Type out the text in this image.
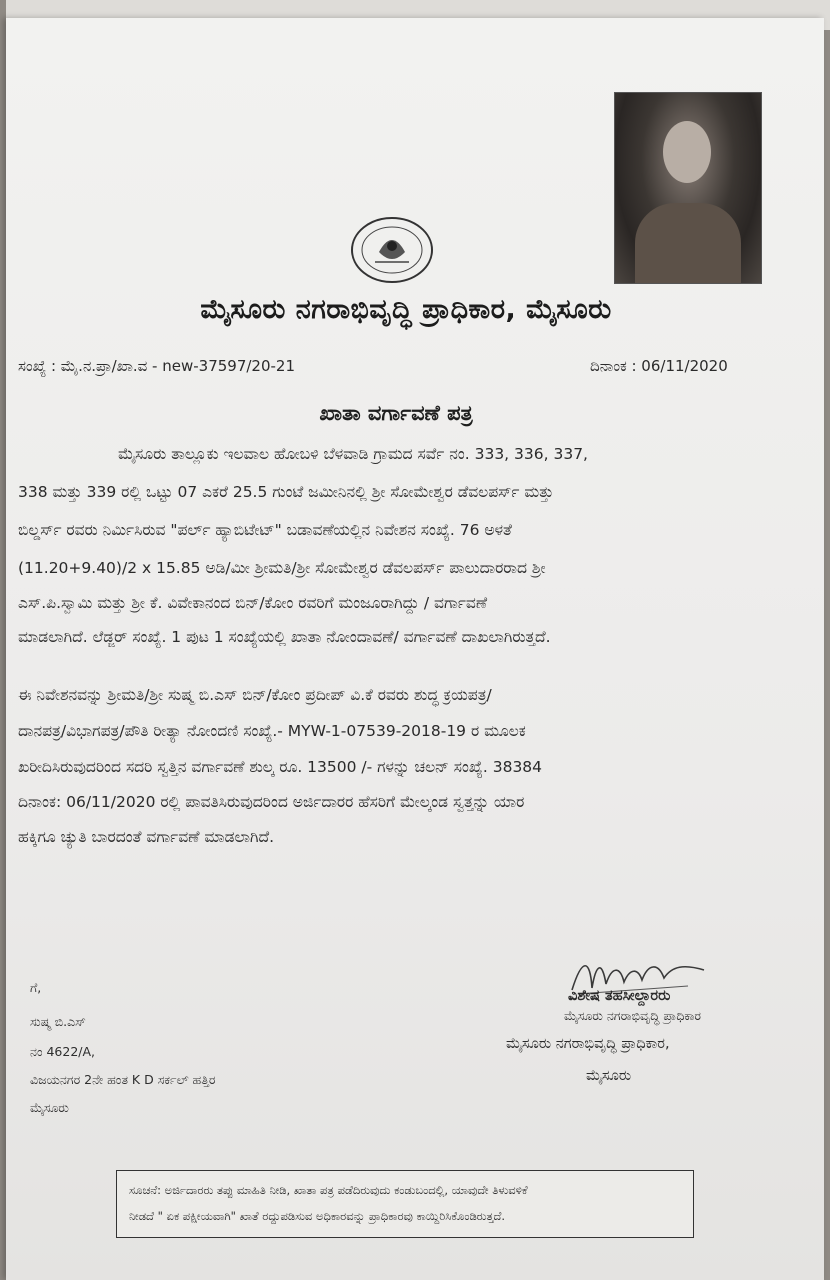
ಮೈಸೂರು ನಗರಾಭಿವೃದ್ಧಿ ಪ್ರಾಧಿಕಾರ, ಮೈಸೂರು
ಸಂಖ್ಯೆ : ಮೈ.ನ.ಪ್ರಾ/ಖಾ.ವ - new-37597/20-21	ದಿನಾಂಕ : 06/11/2020
ಖಾತಾ ವರ್ಗಾವಣೆ ಪತ್ರ
ಮೈಸೂರು ತಾಲ್ಲೂಕು ಇಲವಾಲ ಹೋಬಳಿ ಬೆಳವಾಡಿ ಗ್ರಾಮದ ಸರ್ವೆ ನಂ. 333, 336, 337,
338 ಮತ್ತು 339 ರಲ್ಲಿ ಒಟ್ಟು 07 ಎಕರೆ 25.5 ಗುಂಟೆ ಜಮೀನಿನಲ್ಲಿ ಶ್ರೀ ಸೋಮೇಶ್ವರ ಡೆವಲಪರ್ಸ್ ಮತ್ತು
ಬಿಲ್ಡರ್ಸ್ ರವರು ನಿರ್ಮಿಸಿರುವ "ಪರ್ಲ್ ಹ್ಯಾಬಿಟೇಟ್" ಬಡಾವಣೆಯಲ್ಲಿನ ನಿವೇಶನ ಸಂಖ್ಯೆ. 76 ಅಳತೆ
(11.20+9.40)/2 x 15.85 ಅಡಿ/ಮೀ ಶ್ರೀಮತಿ/ಶ್ರೀ ಸೋಮೇಶ್ವರ ಡೆವಲಪರ್ಸ್ ಪಾಲುದಾರರಾದ ಶ್ರೀ
ಎಸ್.ಪಿ.ಸ್ವಾಮಿ ಮತ್ತು ಶ್ರೀ ಕೆ. ವಿವೇಕಾನಂದ ಬಿನ್/ಕೋಂ ರವರಿಗೆ ಮಂಜೂರಾಗಿದ್ದು / ವರ್ಗಾವಣೆ
ಮಾಡಲಾಗಿದೆ. ಲೆಡ್ಜರ್ ಸಂಖ್ಯೆ. 1 ಪುಟ 1 ಸಂಖ್ಯೆಯಲ್ಲಿ ಖಾತಾ ನೋಂದಾವಣೆ/ ವರ್ಗಾವಣೆ ದಾಖಲಾಗಿರುತ್ತದೆ.
ಈ ನಿವೇಶನವನ್ನು ಶ್ರೀಮತಿ/ಶ್ರೀ ಸುಷ್ಮ ಬಿ.ಎಸ್ ಬಿನ್/ಕೋಂ ಪ್ರದೀಪ್ ವಿ.ಕೆ ರವರು ಶುದ್ಧ ಕ್ರಯಪತ್ರ/
ದಾನಪತ್ರ/ವಿಭಾಗಪತ್ರ/ಪೌತಿ ರೀತ್ಯಾ ನೋಂದಣಿ ಸಂಖ್ಯೆ.- MYW-1-07539-2018-19 ರ ಮೂಲಕ
ಖರೀದಿಸಿರುವುದರಿಂದ ಸದರಿ ಸ್ವತ್ತಿನ ವರ್ಗಾವಣೆ ಶುಲ್ಕ ರೂ. 13500 /- ಗಳನ್ನು ಚಲನ್ ಸಂಖ್ಯೆ. 38384
ದಿನಾಂಕ: 06/11/2020 ರಲ್ಲಿ ಪಾವತಿಸಿರುವುದರಿಂದ ಅರ್ಜಿದಾರರ ಹೆಸರಿಗೆ ಮೇಲ್ಕಂಡ ಸ್ವತ್ತನ್ನು ಯಾರ
ಹಕ್ಕಿಗೂ ಚ್ಯುತಿ ಬಾರದಂತೆ ವರ್ಗಾವಣೆ ಮಾಡಲಾಗಿದೆ.
ವಿಶೇಷ ತಹಸೀಲ್ದಾರರು
ಮೈಸೂರು ನಗರಾಭಿವೃದ್ಧಿ ಪ್ರಾಧಿಕಾರ
ಮೈಸೂರು ನಗರಾಭಿವೃದ್ಧಿ ಪ್ರಾಧಿಕಾರ,
ಮೈಸೂರು
ಗೆ,
ಸುಷ್ಮ ಬಿ.ಎಸ್
ನಂ 4622/A,
ವಿಜಯನಗರ 2ನೇ ಹಂತ K D ಸರ್ಕಲ್ ಹತ್ತಿರ
ಮೈಸೂರು
ಸೂಚನೆ: ಅರ್ಜಿದಾರರು ತಪ್ಪು ಮಾಹಿತಿ ನೀಡಿ, ಖಾತಾ ಪತ್ರ ಪಡೆದಿರುವುದು ಕಂಡುಬಂದಲ್ಲಿ, ಯಾವುದೇ ತಿಳುವಳಿಕೆ
ನೀಡದೆ " ಏಕ ಪಕ್ಷೀಯವಾಗಿ" ಖಾತೆ ರದ್ದುಪಡಿಸುವ ಅಧಿಕಾರವನ್ನು ಪ್ರಾಧಿಕಾರವು ಕಾಯ್ದಿರಿಸಿಕೊಂಡಿರುತ್ತದೆ.
